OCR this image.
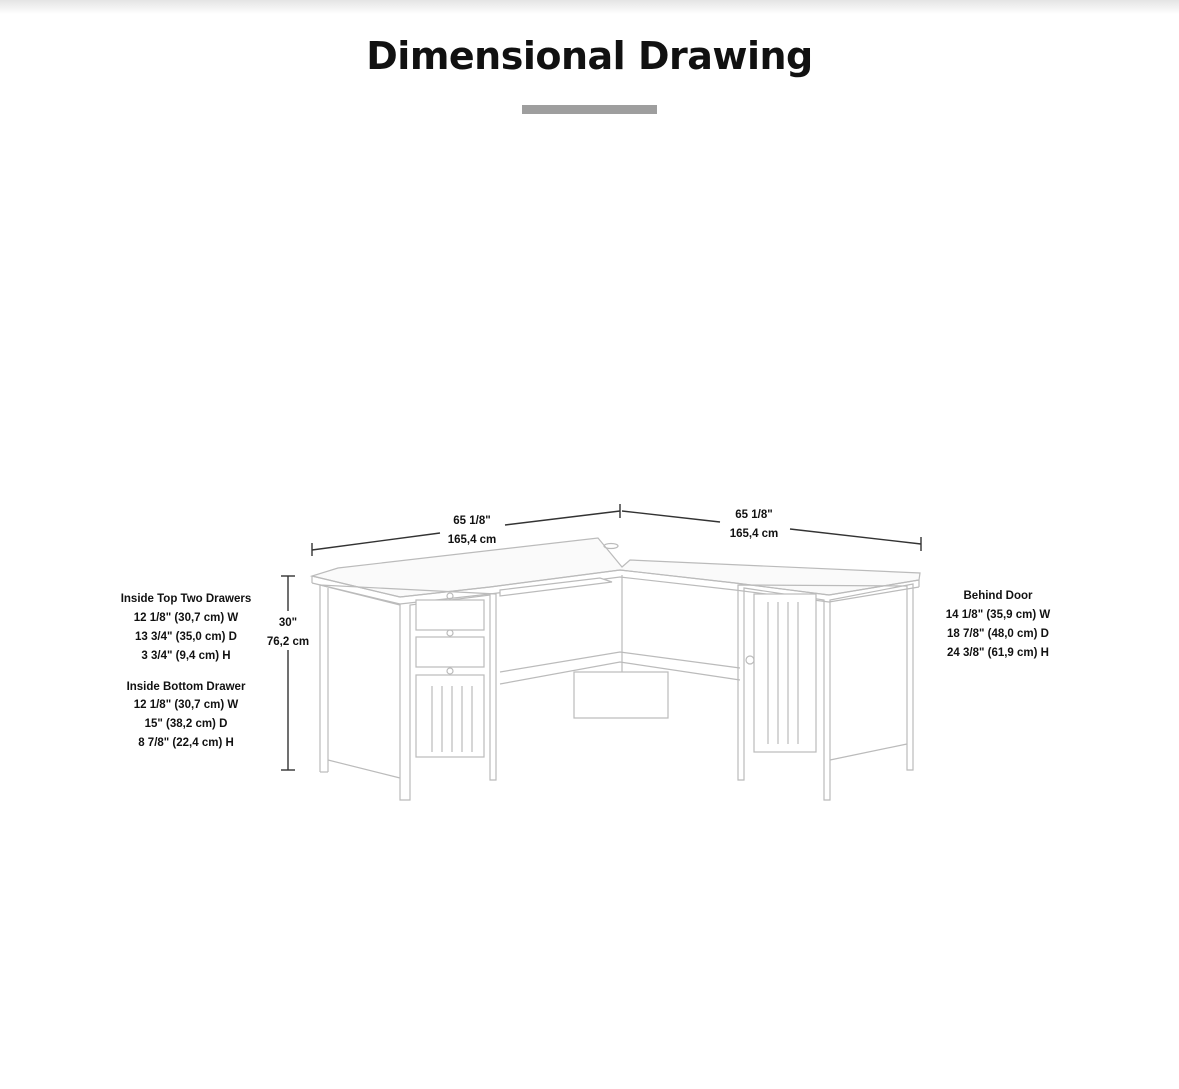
Dimensional Drawing
65 1/8"
165,4 cm
65 1/8"
165,4 cm
30"
76,2 cm
Inside Top Two Drawers
12 1/8" (30,7 cm) W
13 3/4" (35,0 cm) D
3 3/4" (9,4 cm) H
Inside Bottom Drawer
12 1/8" (30,7 cm) W
15" (38,2 cm) D
8 7/8" (22,4 cm) H
Behind Door
14 1/8" (35,9 cm) W
18 7/8" (48,0 cm) D
24 3/8" (61,9 cm) H
